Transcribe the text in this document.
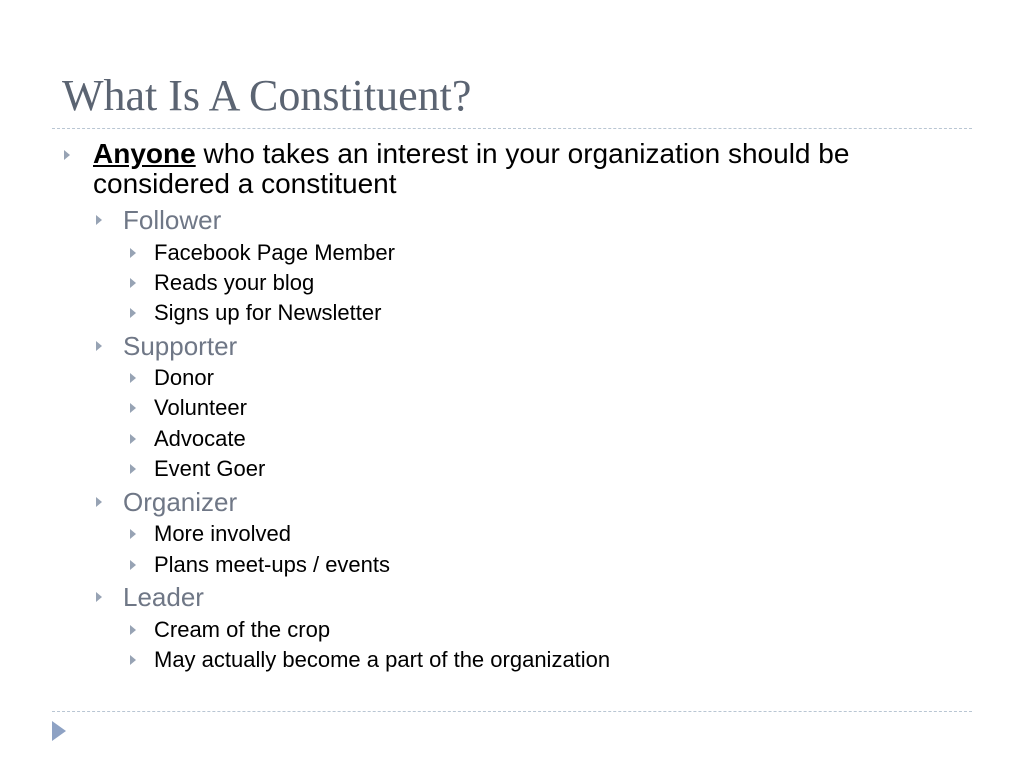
What Is A Constituent?
Anyone who takes an interest in your organization should be considered a constituent
Follower
Facebook Page Member
Reads your blog
Signs up for Newsletter
Supporter
Donor
Volunteer
Advocate
Event Goer
Organizer
More involved
Plans meet-ups / events
Leader
Cream of the crop
May actually become a part of the organization
